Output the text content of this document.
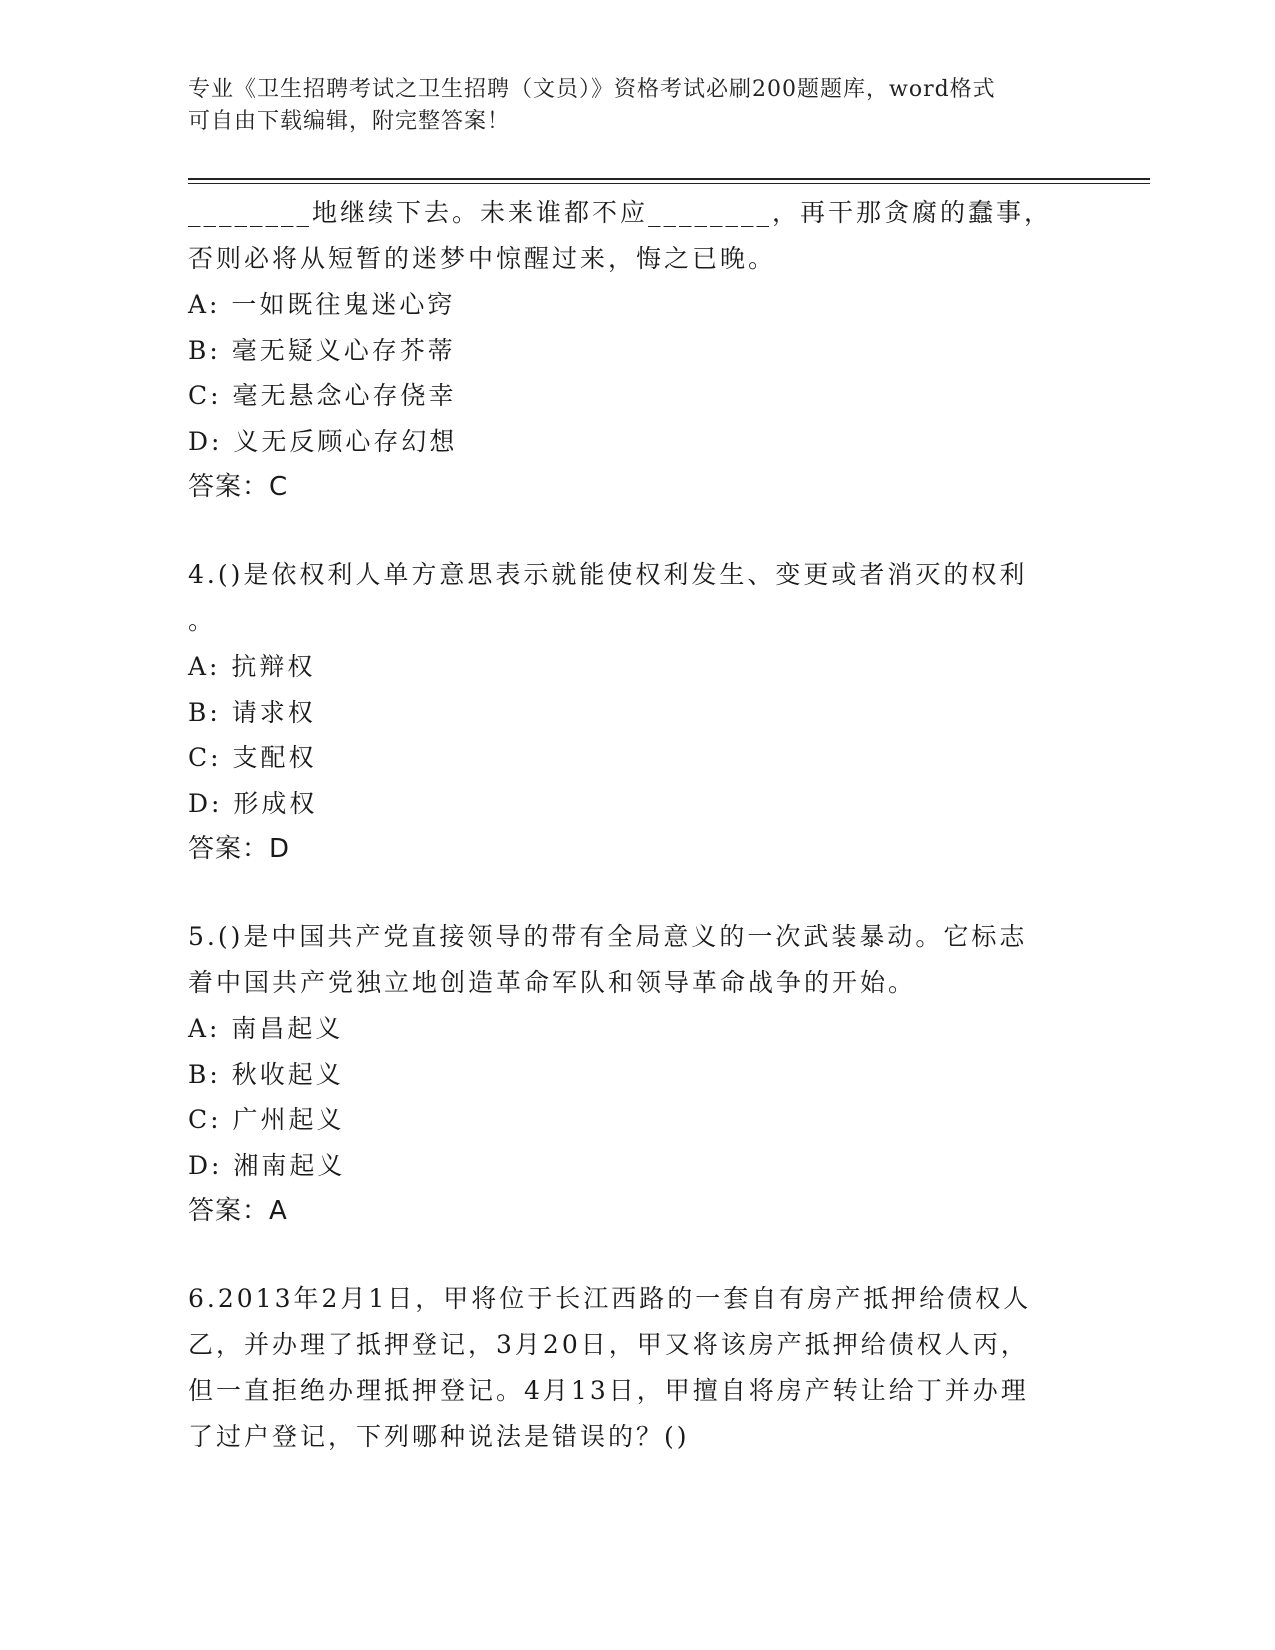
专业《卫生招聘考试之卫生招聘（文员）》资格考试必刷200题题库，word格式
可自由下载编辑，附完整答案！
________地继续下去。未来谁都不应________，再干那贪腐的蠢事，
否则必将从短暂的迷梦中惊醒过来，悔之已晚。
A: 一如既往鬼迷心窍
B: 毫无疑义心存芥蒂
C: 毫无悬念心存侥幸
D: 义无反顾心存幻想
答案：C
4.()是依权利人单方意思表示就能使权利发生、变更或者消灭的权利
。
A: 抗辩权
B: 请求权
C: 支配权
D: 形成权
答案：D
5.()是中国共产党直接领导的带有全局意义的一次武装暴动。它标志
着中国共产党独立地创造革命军队和领导革命战争的开始。
A: 南昌起义
B: 秋收起义
C: 广州起义
D: 湘南起义
答案：A
6.2013年2月1日，甲将位于长江西路的一套自有房产抵押给债权人
乙，并办理了抵押登记，3月20日，甲又将该房产抵押给债权人丙，
但一直拒绝办理抵押登记。4月13日，甲擅自将房产转让给丁并办理
了过户登记，下列哪种说法是错误的？()
